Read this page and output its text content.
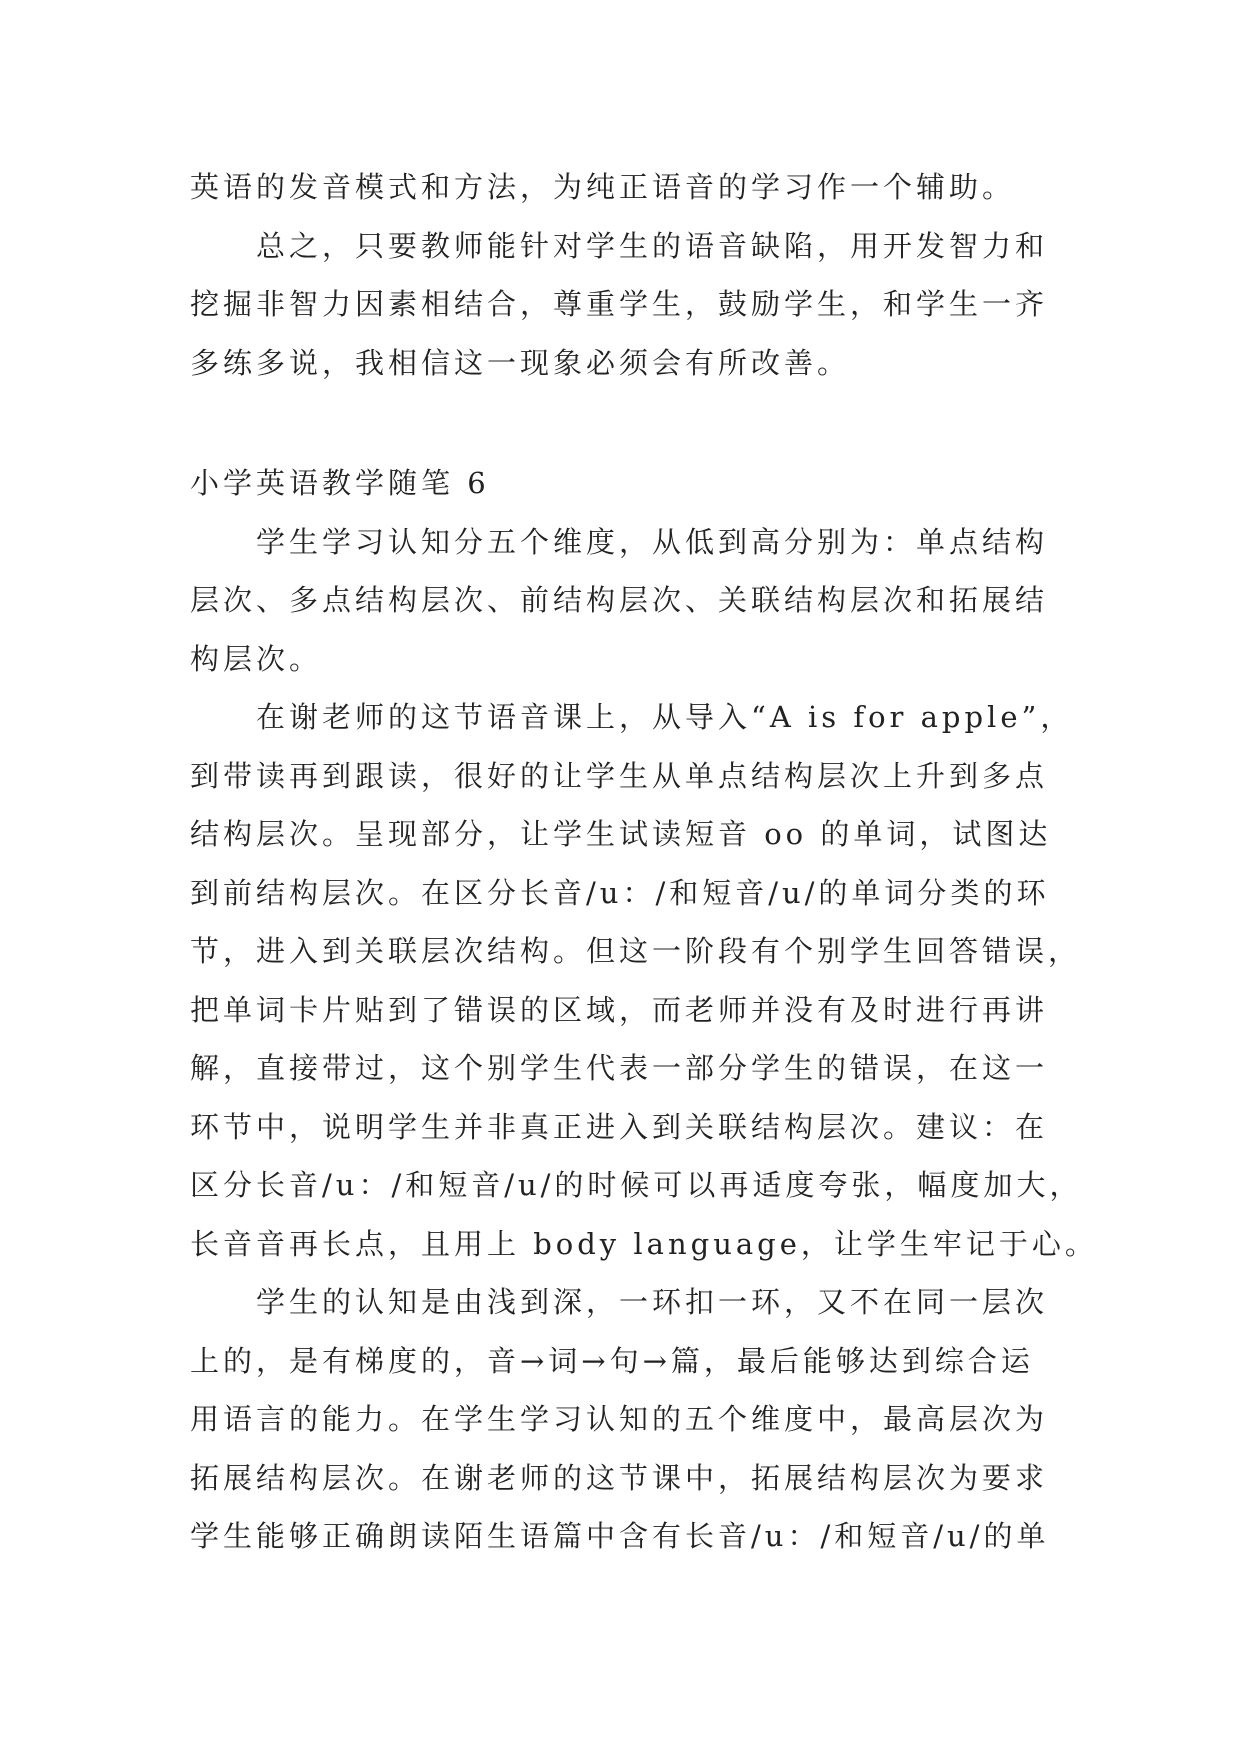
英语的发音模式和方法，为纯正语音的学习作一个辅助。

总之，只要教师能针对学生的语音缺陷，用开发智力和

挖掘非智力因素相结合，尊重学生，鼓励学生，和学生一齐

多练多说，我相信这一现象必须会有所改善。

小学英语教学随笔 6

学生学习认知分五个维度，从低到高分别为：单点结构

层次、多点结构层次、前结构层次、关联结构层次和拓展结

构层次。

在谢老师的这节语音课上，从导入“A is for apple”，

到带读再到跟读，很好的让学生从单点结构层次上升到多点

结构层次。呈现部分，让学生试读短音 oo 的单词，试图达

到前结构层次。在区分长音/u：/和短音/u/的单词分类的环

节，进入到关联层次结构。但这一阶段有个别学生回答错误，

把单词卡片贴到了错误的区域，而老师并没有及时进行再讲

解，直接带过，这个别学生代表一部分学生的错误，在这一

环节中，说明学生并非真正进入到关联结构层次。建议：在

区分长音/u：/和短音/u/的时候可以再适度夸张，幅度加大，

长音音再长点，且用上 body language，让学生牢记于心。

学生的认知是由浅到深，一环扣一环，又不在同一层次

上的，是有梯度的，音→词→句→篇，最后能够达到综合运

用语言的能力。在学生学习认知的五个维度中，最高层次为

拓展结构层次。在谢老师的这节课中，拓展结构层次为要求

学生能够正确朗读陌生语篇中含有长音/u：/和短音/u/的单
